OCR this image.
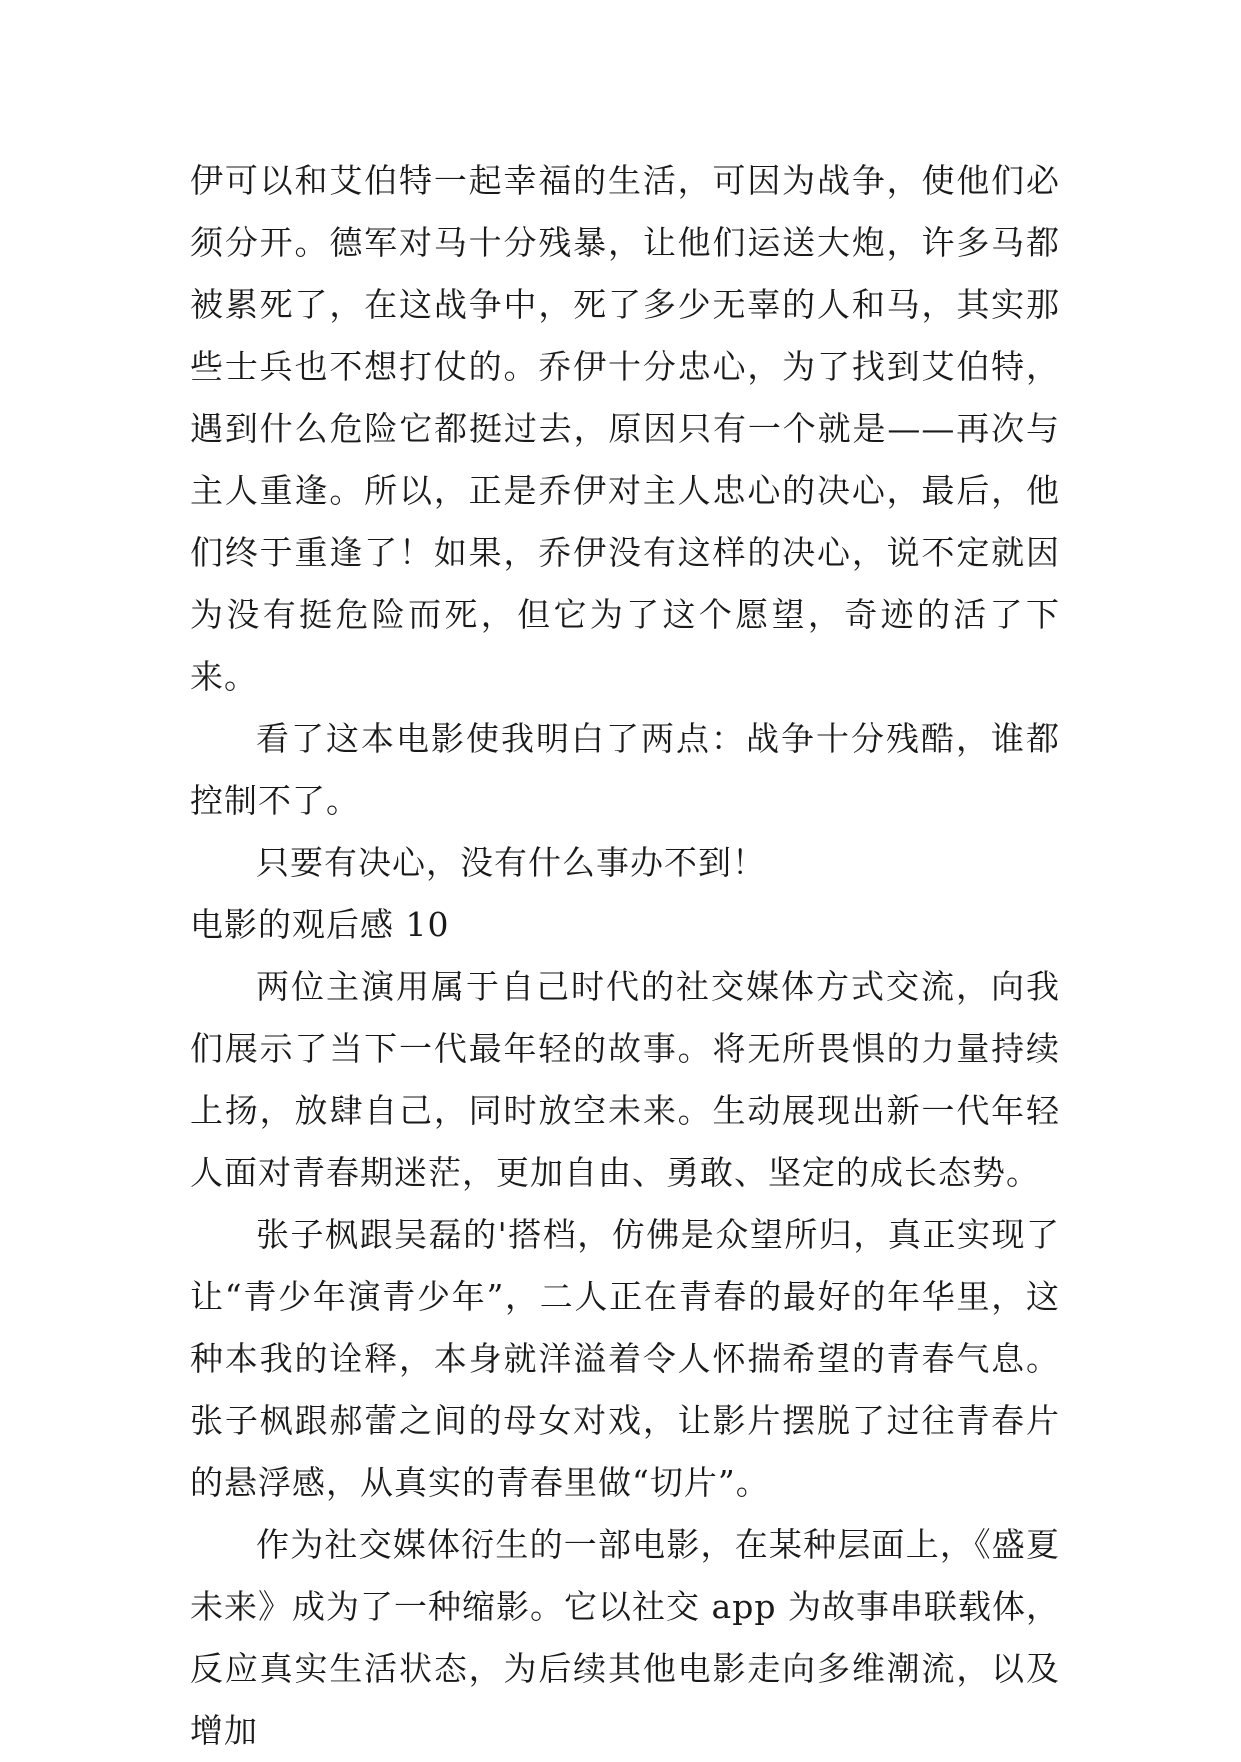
伊可以和艾伯特一起幸福的生活，可因为战争，使他们必须分开。德军对马十分残暴，让他们运送大炮，许多马都被累死了，在这战争中，死了多少无辜的人和马，其实那些士兵也不想打仗的。乔伊十分忠心，为了找到艾伯特，遇到什么危险它都挺过去，原因只有一个就是——再次与主人重逢。所以，正是乔伊对主人忠心的决心，最后，他们终于重逢了！如果，乔伊没有这样的决心，说不定就因为没有挺危险而死，但它为了这个愿望，奇迹的活了下来。

看了这本电影使我明白了两点：战争十分残酷，谁都控制不了。

只要有决心，没有什么事办不到！

电影的观后感 10

两位主演用属于自己时代的社交媒体方式交流，向我们展示了当下一代最年轻的故事。将无所畏惧的力量持续上扬，放肆自己，同时放空未来。生动展现出新一代年轻人面对青春期迷茫，更加自由、勇敢、坚定的成长态势。

张子枫跟吴磊的'搭档，仿佛是众望所归，真正实现了让“青少年演青少年”，二人正在青春的最好的年华里，这种本我的诠释，本身就洋溢着令人怀揣希望的青春气息。张子枫跟郝蕾之间的母女对戏，让影片摆脱了过往青春片的悬浮感，从真实的青春里做“切片”。

作为社交媒体衍生的一部电影，在某种层面上，《盛夏未来》成为了一种缩影。它以社交 app 为故事串联载体，反应真实生活状态，为后续其他电影走向多维潮流，以及增加
